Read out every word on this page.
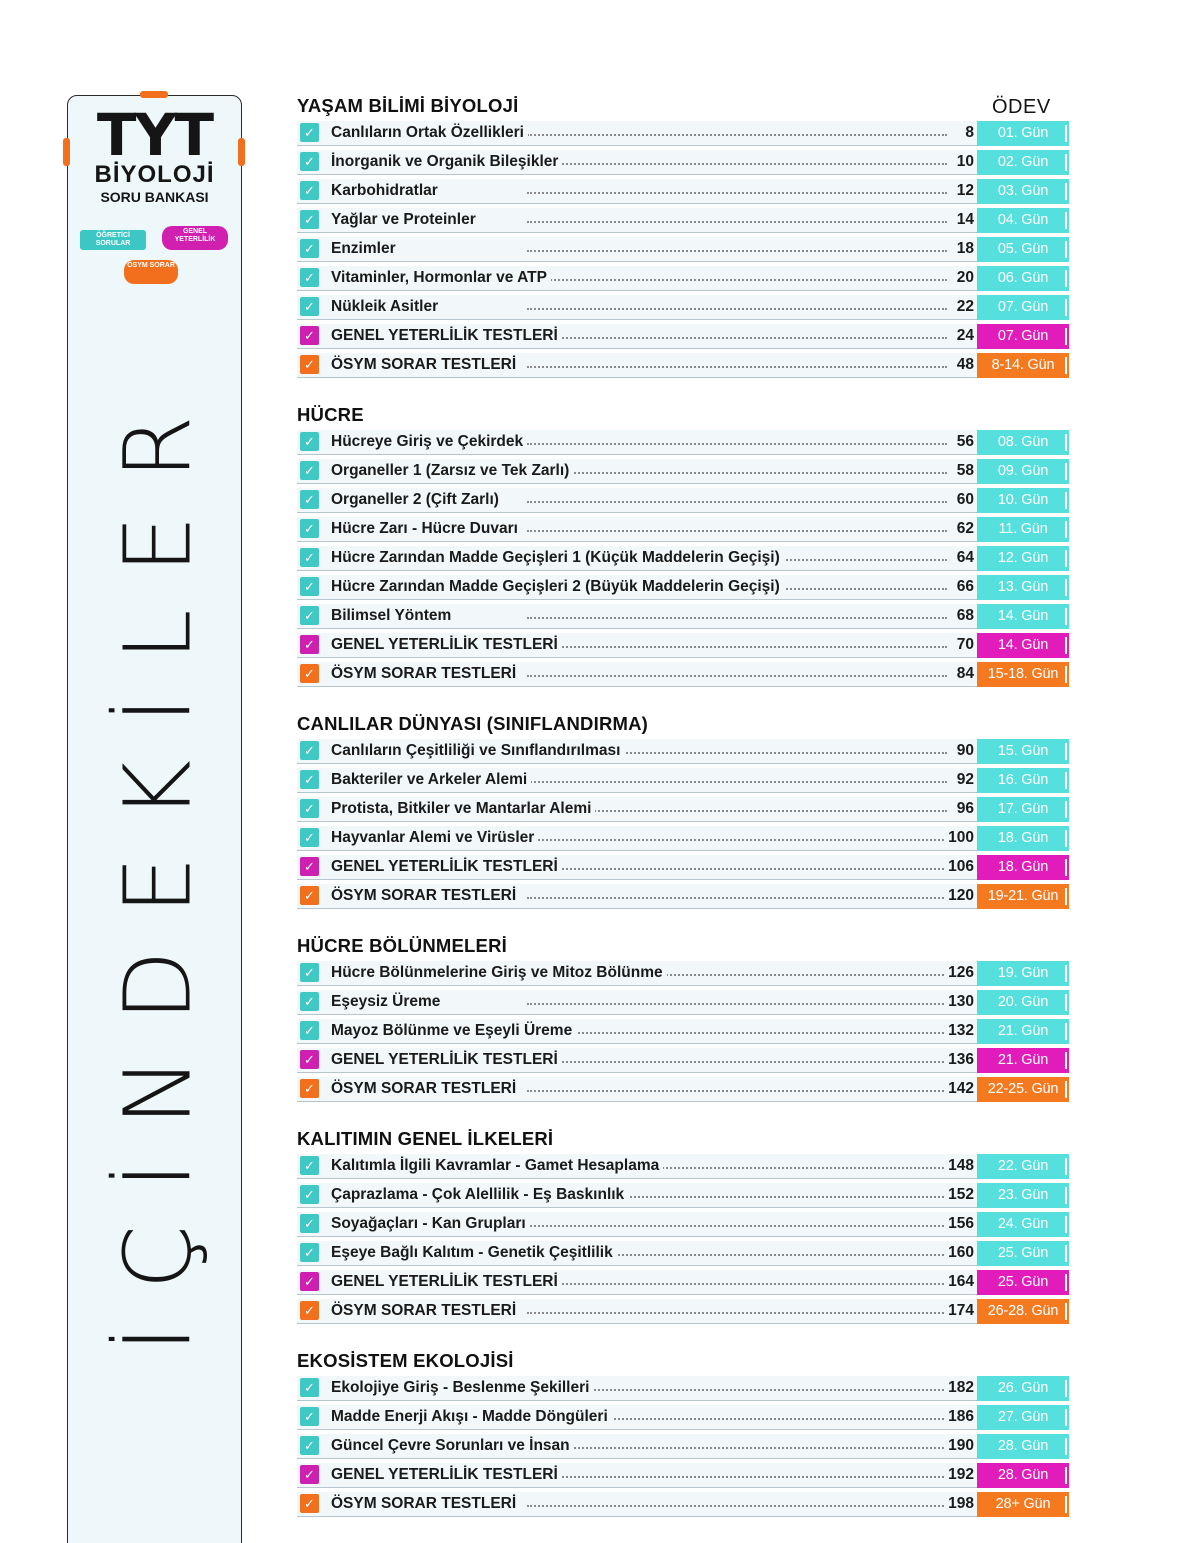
TYT
BİYOLOJİ
SORU BANKASI
ÖĞRETİCİ SORULAR
GENEL YETERLİLİK
ÖSYM SORAR
İÇİNDEKİLER
ÖDEV
YAŞAM BİLİMİ BİYOLOJİ
✓ Canlıların Ortak Özellikleri	8	01. Gün
✓ İnorganik ve Organik Bileşikler	10	02. Gün
✓ Karbohidratlar	12	03. Gün
✓ Yağlar ve Proteinler	14	04. Gün
✓ Enzimler	18	05. Gün
✓ Vitaminler, Hormonlar ve ATP	20	06. Gün
✓ Nükleik Asitler	22	07. Gün
✓ GENEL YETERLİLİK TESTLERİ	24	07. Gün
✓ ÖSYM SORAR TESTLERİ	48	8-14. Gün
HÜCRE
✓ Hücreye Giriş ve Çekirdek	56	08. Gün
✓ Organeller 1 (Zarsız ve Tek Zarlı)	58	09. Gün
✓ Organeller 2 (Çift Zarlı)	60	10. Gün
✓ Hücre Zarı - Hücre Duvarı	62	11. Gün
✓ Hücre Zarından Madde Geçişleri 1 (Küçük Maddelerin Geçişi)	64	12. Gün
✓ Hücre Zarından Madde Geçişleri 2 (Büyük Maddelerin Geçişi)	66	13. Gün
✓ Bilimsel Yöntem	68	14. Gün
✓ GENEL YETERLİLİK TESTLERİ	70	14. Gün
✓ ÖSYM SORAR TESTLERİ	84 15-18. Gün
CANLILAR DÜNYASI (SINIFLANDIRMA)
✓ Canlıların Çeşitliliği ve Sınıflandırılması	90	15. Gün
✓ Bakteriler ve Arkeler Alemi	92	16. Gün
✓ Protista, Bitkiler ve Mantarlar Alemi	96	17. Gün
✓ Hayvanlar Alemi ve Virüsler	100	18. Gün
✓ GENEL YETERLİLİK TESTLERİ	106	18. Gün
✓ ÖSYM SORAR TESTLERİ	120 19-21. Gün
HÜCRE BÖLÜNMELERİ
✓ Hücre Bölünmelerine Giriş ve Mitoz Bölünme	126	19. Gün
✓ Eşeysiz Üreme	130	20. Gün
✓ Mayoz Bölünme ve Eşeyli Üreme	132	21. Gün
✓ GENEL YETERLİLİK TESTLERİ	136	21. Gün
✓ ÖSYM SORAR TESTLERİ	142 22-25. Gün
KALITIMIN GENEL İLKELERİ
✓ Kalıtımla İlgili Kavramlar - Gamet Hesaplama	148	22. Gün
✓ Çaprazlama - Çok Alellilik - Eş Baskınlık	152	23. Gün
✓ Soyağaçları - Kan Grupları	156	24. Gün
✓ Eşeye Bağlı Kalıtım - Genetik Çeşitlilik	160	25. Gün
✓ GENEL YETERLİLİK TESTLERİ	164	25. Gün
✓ ÖSYM SORAR TESTLERİ	174 26-28. Gün
EKOSİSTEM EKOLOJİSİ
✓ Ekolojiye Giriş - Beslenme Şekilleri	182	26. Gün
✓ Madde Enerji Akışı - Madde Döngüleri	186	27. Gün
✓ Güncel Çevre Sorunları ve İnsan	190	28. Gün
✓ GENEL YETERLİLİK TESTLERİ	192	28. Gün
✓ ÖSYM SORAR TESTLERİ	198	28+ Gün
